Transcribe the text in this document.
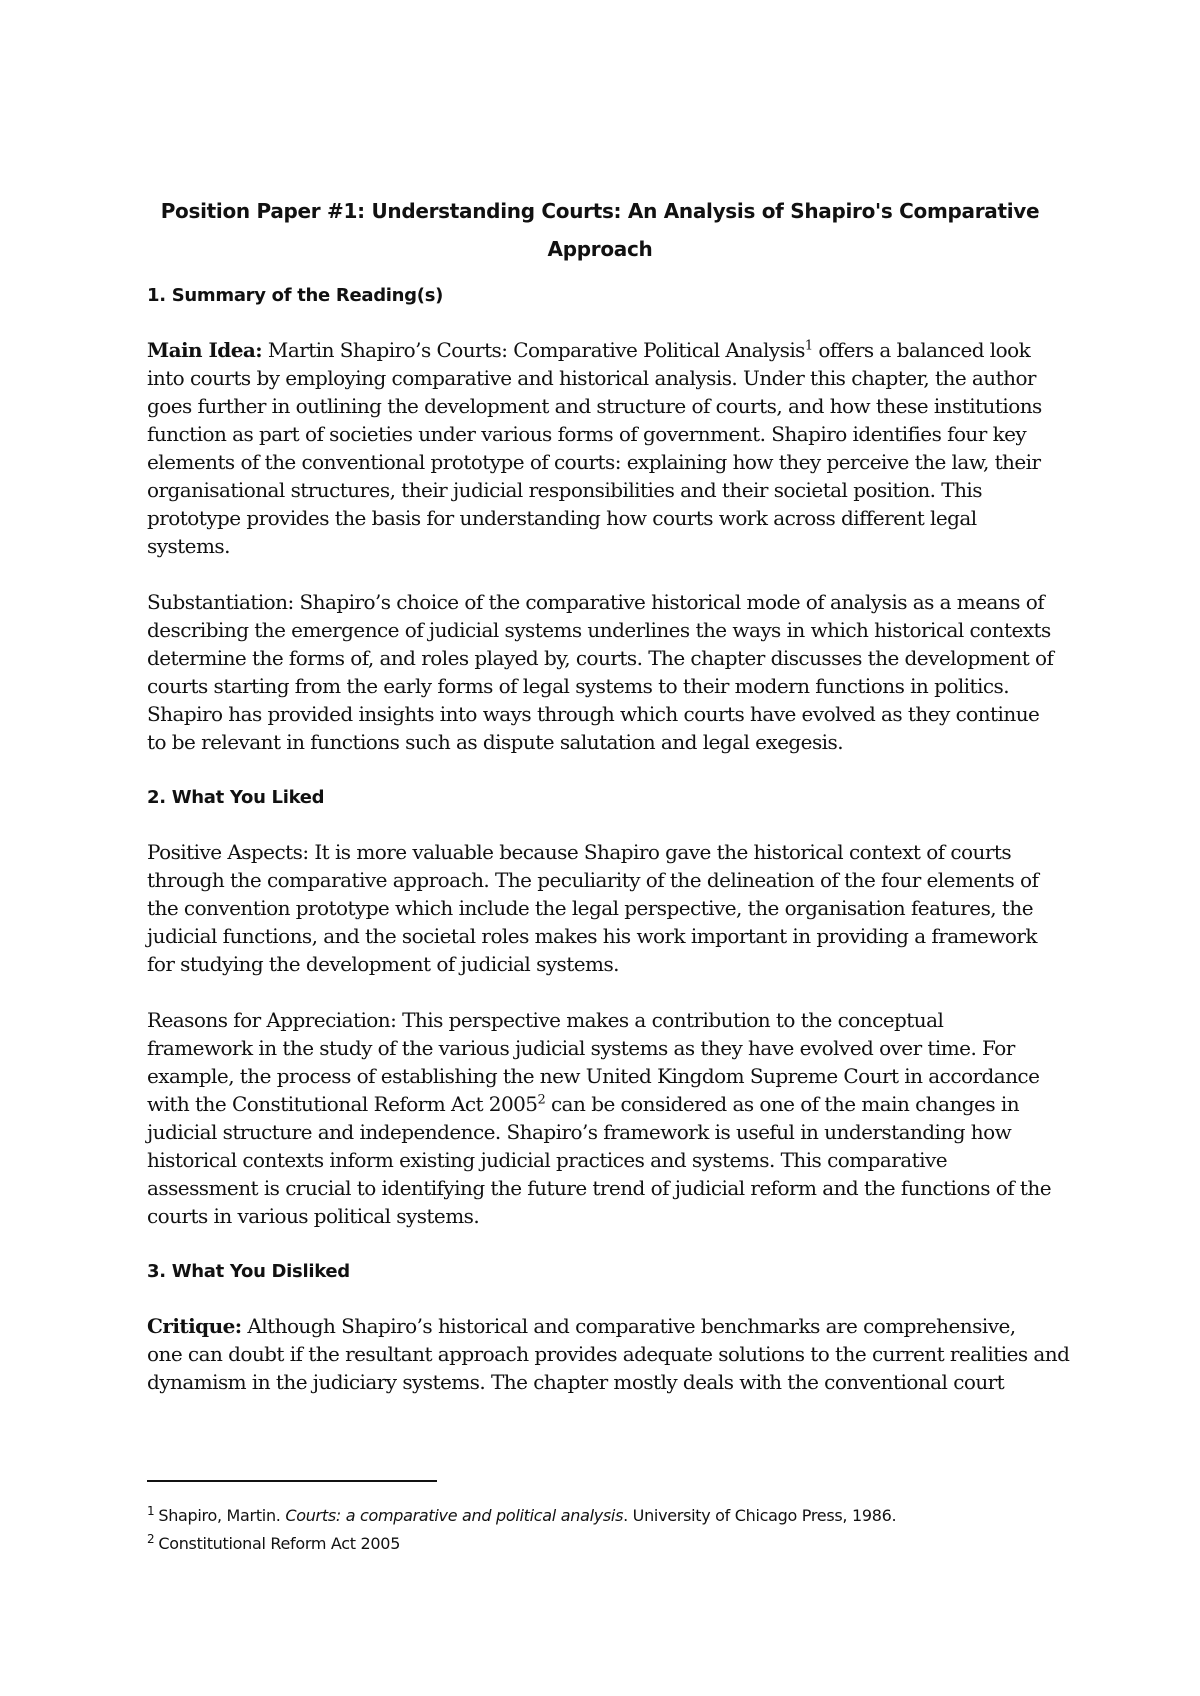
Position Paper #1: Understanding Courts: An Analysis of Shapiro's Comparative
Approach
1. Summary of the Reading(s)

Main Idea: Martin Shapiro’s Courts: Comparative Political Analysis$^1$ offers a balanced look
into courts by employing comparative and historical analysis. Under this chapter, the author
goes further in outlining the development and structure of courts, and how these institutions
function as part of societies under various forms of government. Shapiro identifies four key
elements of the conventional prototype of courts: explaining how they perceive the law, their
organisational structures, their judicial responsibilities and their societal position. This
prototype provides the basis for understanding how courts work across different legal
systems.

Substantiation: Shapiro’s choice of the comparative historical mode of analysis as a means of
describing the emergence of judicial systems underlines the ways in which historical contexts
determine the forms of, and roles played by, courts. The chapter discusses the development of
courts starting from the early forms of legal systems to their modern functions in politics.
Shapiro has provided insights into ways through which courts have evolved as they continue
to be relevant in functions such as dispute salutation and legal exegesis.

2. What You Liked

Positive Aspects: It is more valuable because Shapiro gave the historical context of courts
through the comparative approach. The peculiarity of the delineation of the four elements of
the convention prototype which include the legal perspective, the organisation features, the
judicial functions, and the societal roles makes his work important in providing a framework
for studying the development of judicial systems.

Reasons for Appreciation: This perspective makes a contribution to the conceptual
framework in the study of the various judicial systems as they have evolved over time. For
example, the process of establishing the new United Kingdom Supreme Court in accordance
with the Constitutional Reform Act 2005$^2$ can be considered as one of the main changes in
judicial structure and independence. Shapiro’s framework is useful in understanding how
historical contexts inform existing judicial practices and systems. This comparative
assessment is crucial to identifying the future trend of judicial reform and the functions of the
courts in various political systems.

3. What You Disliked

Critique: Although Shapiro’s historical and comparative benchmarks are comprehensive,
one can doubt if the resultant approach provides adequate solutions to the current realities and
dynamism in the judiciary systems. The chapter mostly deals with the conventional court

$^1$ Shapiro, Martin. Courts: a comparative and political analysis. University of Chicago Press, 1986.
$^2$ Constitutional Reform Act 2005
